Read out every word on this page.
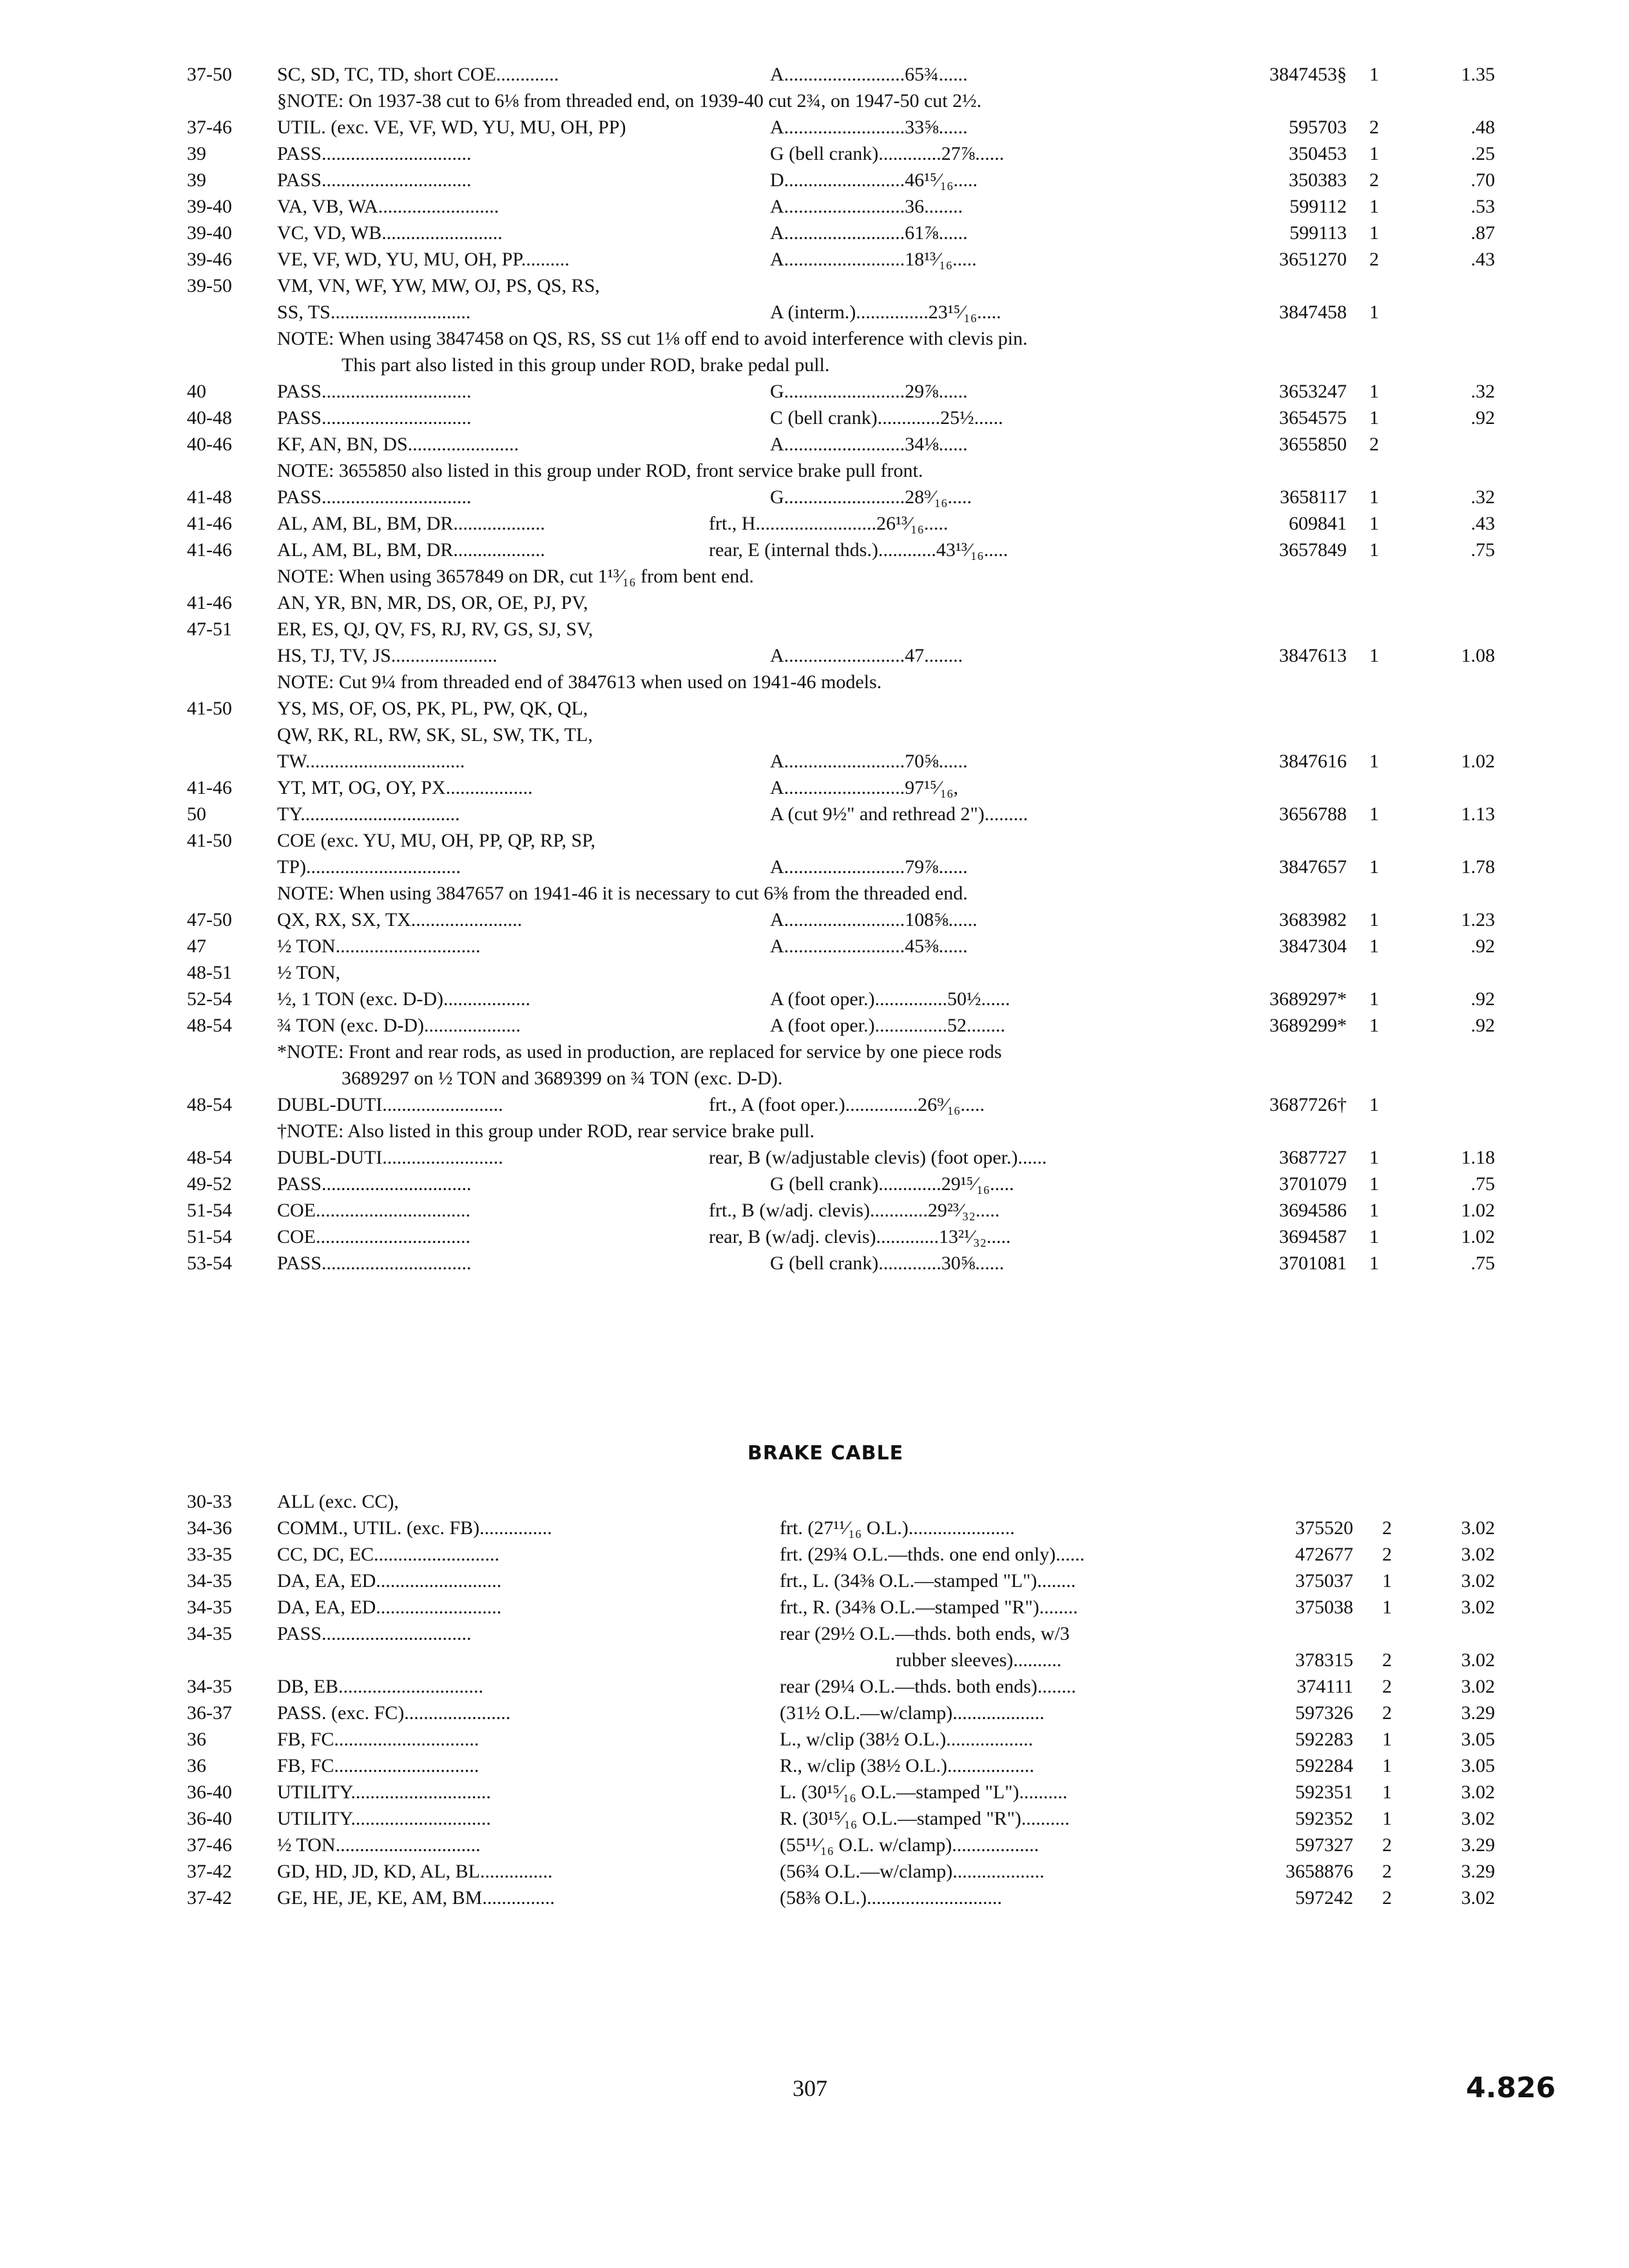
37-50 SC, SD, TC, TD, short COE.............	A.........................65¾......	3847453§ 1	1.35
§NOTE: On 1937-38 cut to 6⅛ from threaded end, on 1939-40 cut 2¾, on 1947-50 cut 2½.
37-46 UTIL. (exc. VE, VF, WD, YU, MU, OH, PP)	A.........................33⅝......	595703 2	.48
39	PASS...............................	G (bell crank).............27⅞......	350453 1	.25
39	PASS...............................	D.........................46¹⁵⁄₁₆.....	350383 2	.70
39-40 VA, VB, WA.........................	A.........................36........	599112 1	.53
39-40 VC, VD, WB.........................	A.........................61⅞......	599113 1	.87
39-46 VE, VF, WD, YU, MU, OH, PP..........	A.........................18¹³⁄₁₆.....	3651270 2	.43
39-50 VM, VN, WF, YW, MW, OJ, PS, QS, RS,
SS, TS.............................	A (interm.)...............23¹⁵⁄₁₆.....	3847458 1
NOTE: When using 3847458 on QS, RS, SS cut 1⅛ off end to avoid interference with clevis pin.
This part also listed in this group under ROD, brake pedal pull.
40	PASS...............................	G.........................29⅞......	3653247 1	.32
40-48 PASS...............................	C (bell crank).............25½......	3654575 1	.92
40-46 KF, AN, BN, DS.......................	A.........................34⅛......	3655850 2
NOTE: 3655850 also listed in this group under ROD, front service brake pull front.
41-48 PASS...............................	G.........................28⁹⁄₁₆.....	3658117 1	.32
41-46 AL, AM, BL, BM, DR...................	frt., H.........................26¹³⁄₁₆.....	609841 1	.43
41-46 AL, AM, BL, BM, DR...................	rear, E (internal thds.)............43¹³⁄₁₆.....	3657849 1	.75
NOTE: When using 3657849 on DR, cut 1¹³⁄₁₆ from bent end.
41-46 AN, YR, BN, MR, DS, OR, OE, PJ, PV,
47-51 ER, ES, QJ, QV, FS, RJ, RV, GS, SJ, SV,
HS, TJ, TV, JS......................	A.........................47........	3847613 1	1.08
NOTE: Cut 9¼ from threaded end of 3847613 when used on 1941-46 models.
41-50 YS, MS, OF, OS, PK, PL, PW, QK, QL,
QW, RK, RL, RW, SK, SL, SW, TK, TL,
TW.................................	A.........................70⅝......	3847616 1	1.02
41-46 YT, MT, OG, OY, PX..................	A.........................97¹⁵⁄₁₆,
50	TY.................................	A (cut 9½" and rethread 2").........	3656788 1	1.13
41-50 COE (exc. YU, MU, OH, PP, QP, RP, SP,
TP)................................	A.........................79⅞......	3847657 1	1.78
NOTE: When using 3847657 on 1941-46 it is necessary to cut 6⅜ from the threaded end.
47-50 QX, RX, SX, TX.......................	A.........................108⅝......	3683982 1	1.23
47	½ TON..............................	A.........................45⅜......	3847304 1	.92
48-51 ½ TON,
52-54 ½, 1 TON (exc. D-D)..................	A (foot oper.)...............50½......	3689297* 1	.92
48-54 ¾ TON (exc. D-D)....................	A (foot oper.)...............52........	3689299* 1	.92
*NOTE: Front and rear rods, as used in production, are replaced for service by one piece rods
3689297 on ½ TON and 3689399 on ¾ TON (exc. D-D).
48-54 DUBL-DUTI.........................	frt., A (foot oper.)...............26⁹⁄₁₆.....	3687726† 1
†NOTE: Also listed in this group under ROD, rear service brake pull.
48-54 DUBL-DUTI.........................	rear, B (w/adjustable clevis) (foot oper.)......	3687727 1	1.18
49-52 PASS...............................	G (bell crank).............29¹⁵⁄₁₆.....	3701079 1	.75
51-54 COE................................	frt., B (w/adj. clevis)............29²³⁄₃₂.....	3694586 1	1.02
51-54 COE................................	rear, B (w/adj. clevis).............13²¹⁄₃₂.....	3694587 1	1.02
53-54 PASS...............................	G (bell crank).............30⅝......	3701081 1	.75
BRAKE CABLE
30-33 ALL (exc. CC),
34-36 COMM., UTIL. (exc. FB)...............	frt. (27¹¹⁄₁₆ O.L.)......................	375520 2	3.02
33-35 CC, DC, EC..........................	frt. (29¾ O.L.—thds. one end only)......	472677 2	3.02
34-35 DA, EA, ED..........................	frt., L. (34⅜ O.L.—stamped "L")........	375037 1	3.02
34-35 DA, EA, ED..........................	frt., R. (34⅜ O.L.—stamped "R")........	375038 1	3.02
34-35 PASS...............................	rear (29½ O.L.—thds. both ends, w/3
rubber sleeves)..........	378315 2	3.02
34-35 DB, EB..............................	rear (29¼ O.L.—thds. both ends)........	374111 2	3.02
36-37 PASS. (exc. FC)......................	(31½ O.L.—w/clamp)...................	597326 2	3.29
36	FB, FC..............................	L., w/clip (38½ O.L.)..................	592283 1	3.05
36	FB, FC..............................	R., w/clip (38½ O.L.)..................	592284 1	3.05
36-40 UTILITY.............................	L. (30¹⁵⁄₁₆ O.L.—stamped "L")..........	592351 1	3.02
36-40 UTILITY.............................	R. (30¹⁵⁄₁₆ O.L.—stamped "R")..........	592352 1	3.02
37-46 ½ TON..............................	(55¹¹⁄₁₆ O.L. w/clamp)..................	597327 2	3.29
37-42 GD, HD, JD, KD, AL, BL...............	(56¾ O.L.—w/clamp)...................	3658876 2	3.29
37-42 GE, HE, JE, KE, AM, BM...............	(58⅜ O.L.)............................	597242 2	3.02
307	4.826
